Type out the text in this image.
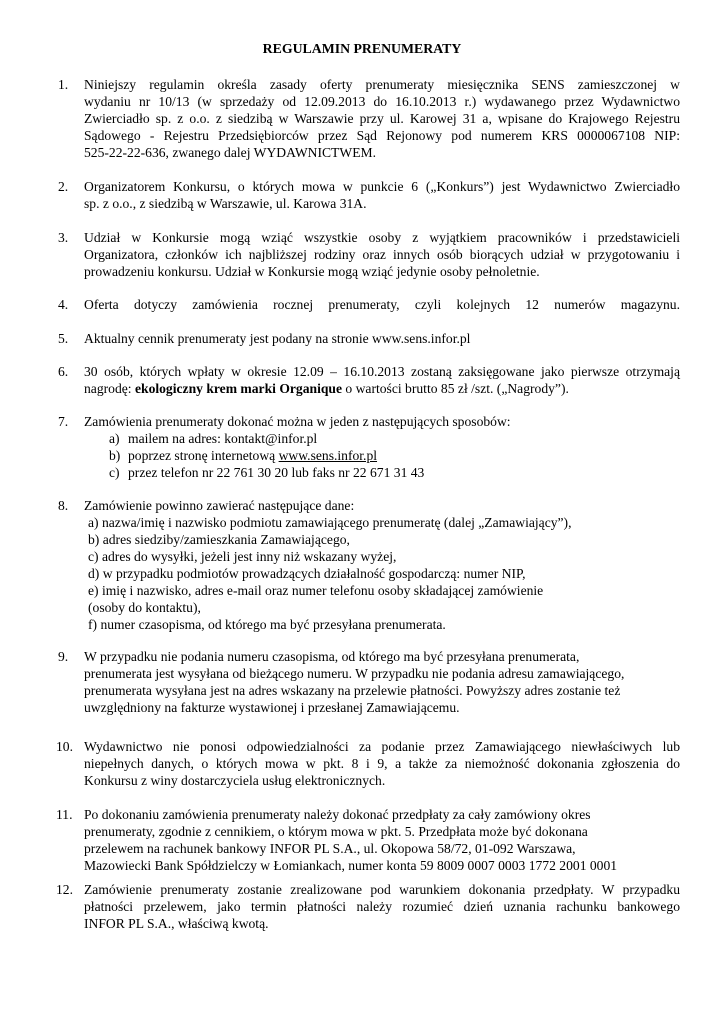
REGULAMIN PRENUMERATY
1. Niniejszy regulamin określa zasady oferty prenumeraty miesięcznika SENS zamieszczonej w
wydaniu nr 10/13 (w sprzedaży od 12.09.2013 do 16.10.2013 r.) wydawanego przez Wydawnictwo
Zwierciadło sp. z o.o. z siedzibą w Warszawie przy ul. Karowej 31 a, wpisane do Krajowego Rejestru
Sądowego - Rejestru Przedsiębiorców przez Sąd Rejonowy pod numerem KRS 0000067108 NIP:
525-22-22-636, zwanego dalej WYDAWNICTWEM.
2. Organizatorem Konkursu, o których mowa w punkcie 6 („Konkurs”) jest Wydawnictwo Zwierciadło
sp. z o.o., z siedzibą w Warszawie, ul. Karowa 31A.
3. Udział w Konkursie mogą wziąć wszystkie osoby z wyjątkiem pracowników i przedstawicieli
Organizatora, członków ich najbliższej rodziny oraz innych osób biorących udział w przygotowaniu i
prowadzeniu konkursu. Udział w Konkursie mogą wziąć jedynie osoby pełnoletnie.
4. Oferta dotyczy zamówienia rocznej prenumeraty, czyli kolejnych 12 numerów magazynu.
5. Aktualny cennik prenumeraty jest podany na stronie www.sens.infor.pl
6. 30 osób, których wpłaty w okresie 12.09 – 16.10.2013 zostaną zaksięgowane jako pierwsze otrzymają
nagrodę: ekologiczny krem marki Organique o wartości brutto 85 zł /szt. („Nagrody”).
7. Zamówienia prenumeraty dokonać można w jeden z następujących sposobów:
a) mailem na adres: kontakt@infor.pl
b) poprzez stronę internetową www.sens.infor.pl
c) przez telefon nr 22 761 30 20 lub faks nr 22 671 31 43
8. Zamówienie powinno zawierać następujące dane:
a) nazwa/imię i nazwisko podmiotu zamawiającego prenumeratę (dalej „Zamawiający”),
b) adres siedziby/zamieszkania Zamawiającego,
c) adres do wysyłki, jeżeli jest inny niż wskazany wyżej,
d) w przypadku podmiotów prowadzących działalność gospodarczą: numer NIP,
e) imię i nazwisko, adres e-mail oraz numer telefonu osoby składającej zamówienie
(osoby do kontaktu),
f) numer czasopisma, od którego ma być przesyłana prenumerata.
9. W przypadku nie podania numeru czasopisma, od którego ma być przesyłana prenumerata,
prenumerata jest wysyłana od bieżącego numeru. W przypadku nie podania adresu zamawiającego,
prenumerata wysyłana jest na adres wskazany na przelewie płatności. Powyższy adres zostanie też
uwzględniony na fakturze wystawionej i przesłanej Zamawiającemu.
10. Wydawnictwo nie ponosi odpowiedzialności za podanie przez Zamawiającego niewłaściwych lub
niepełnych danych, o których mowa w pkt. 8 i 9, a także za niemożność dokonania zgłoszenia do
Konkursu z winy dostarczyciela usług elektronicznych.
11. Po dokonaniu zamówienia prenumeraty należy dokonać przedpłaty za cały zamówiony okres
prenumeraty, zgodnie z cennikiem, o którym mowa w pkt. 5. Przedpłata może być dokonana
przelewem na rachunek bankowy INFOR PL S.A., ul. Okopowa 58/72, 01-092 Warszawa,
Mazowiecki Bank Spółdzielczy w Łomiankach, numer konta 59 8009 0007 0003 1772 2001 0001
12. Zamówienie prenumeraty zostanie zrealizowane pod warunkiem dokonania przedpłaty. W przypadku
płatności przelewem, jako termin płatności należy rozumieć dzień uznania rachunku bankowego
INFOR PL S.A., właściwą kwotą.
